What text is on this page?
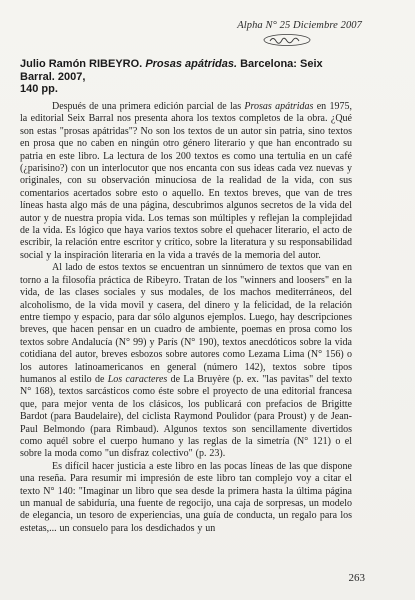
Alpha N° 25 Diciembre 2007
Julio Ramón RIBEYRO. Prosas apátridas. Barcelona: Seix Barral. 2007,
140 pp.

Después de una primera edición parcial de las Prosas apátridas en 1975, la editorial Seix Barral nos presenta ahora los textos completos de la obra. ¿Qué son estas "prosas apátridas"? No son los textos de un autor sin patria, sino textos en prosa que no caben en ningún otro género literario y que han encontrado su patria en este libro. La lectura de los 200 textos es como una tertulia en un café (¿parisino?) con un interlocutor que nos encanta con sus ideas cada vez nuevas y originales, con su observación minuciosa de la realidad de la vida, con sus comentarios acertados sobre esto o aquello. En textos breves, que van de tres líneas hasta algo más de una página, descubrimos algunos secretos de la vida del autor y de nuestra propia vida. Los temas son múltiples y reflejan la complejidad de la vida. Es lógico que haya varios textos sobre el quehacer literario, el acto de escribir, la relación entre escritor y crítico, sobre la literatura y su responsabilidad social y la inspiración literaria en la vida a través de la memoria del autor.

Al lado de estos textos se encuentran un sinnúmero de textos que van en torno a la filosofía práctica de Ribeyro. Tratan de los "winners and loosers" en la vida, de las clases sociales y sus modales, de los machos mediterráneos, del alcoholismo, de la vida movil y casera, del dinero y la felicidad, de la relación entre tiempo y espacio, para dar sólo algunos ejemplos. Luego, hay descripciones breves, que hacen pensar en un cuadro de ambiente, poemas en prosa como los textos sobre Andalucía (N° 99) y París (N° 190), textos anecdóticos sobre la vida cotidiana del autor, breves esbozos sobre autores como Lezama Lima (N° 156) o los autores latinoamericanos en general (número 142), textos sobre tipos humanos al estilo de Los caracteres de La Bruyère (p. ex. "las pavitas" del texto N° 168), textos sarcásticos como éste sobre el proyecto de una editorial francesa que, para mejor venta de los clásicos, los publicará con prefacios de Brigitte Bardot (para Baudelaire), del ciclista Raymond Poulidor (para Proust) y de Jean-Paul Belmondo (para Rimbaud). Algunos textos son sencillamente divertidos como aquél sobre el cuerpo humano y las reglas de la simetría (N° 121) o el sobre la moda como "un disfraz colectivo" (p. 23).

Es difícil hacer justicia a este libro en las pocas líneas de las que dispone una reseña. Para resumir mi impresión de este libro tan complejo voy a citar el texto N° 140: "Imaginar un libro que sea desde la primera hasta la última página un manual de sabiduría, una fuente de regocijo, una caja de sorpresas, un modelo de elegancia, un tesoro de experiencias, una guía de conducta, un regalo para los estetas,... un consuelo para los desdichados y un

263
